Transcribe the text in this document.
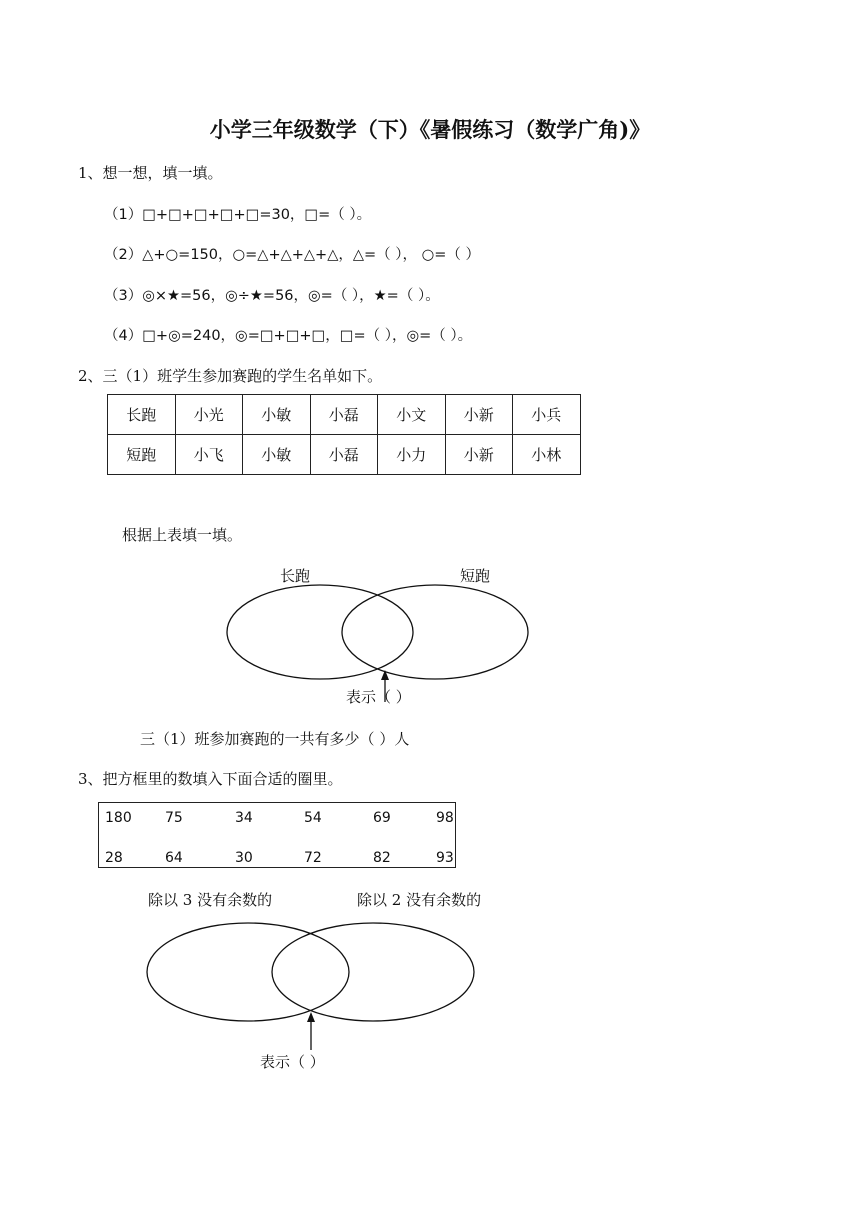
小学三年级数学（下）《暑假练习（数学广角)》
1、想一想，填一填。
（1）□+□+□+□+□=30，□=（ ）。
（2）△+○=150，○=△+△+△+△，△=（ ）， ○=（ ）
（3）◎×★=56，◎÷★=56，◎=（ ），★=（ ）。
（4）□+◎=240，◎=□+□+□，□=（ ），◎=（ ）。
2、三（1）班学生参加赛跑的学生名单如下。
长跑	小光	小敏	小磊	小文	小新	小兵
短跑	小飞	小敏	小磊	小力	小新	小林
根据上表填一填。
长跑	短跑
表示（ ）
三（1）班参加赛跑的一共有多少（ ）人
3、把方框里的数填入下面合适的圈里。
180 75	34	54	69	98
28	64	30	72	82	93
除以 3 没有余数的	除以 2 没有余数的
表示（ ）
